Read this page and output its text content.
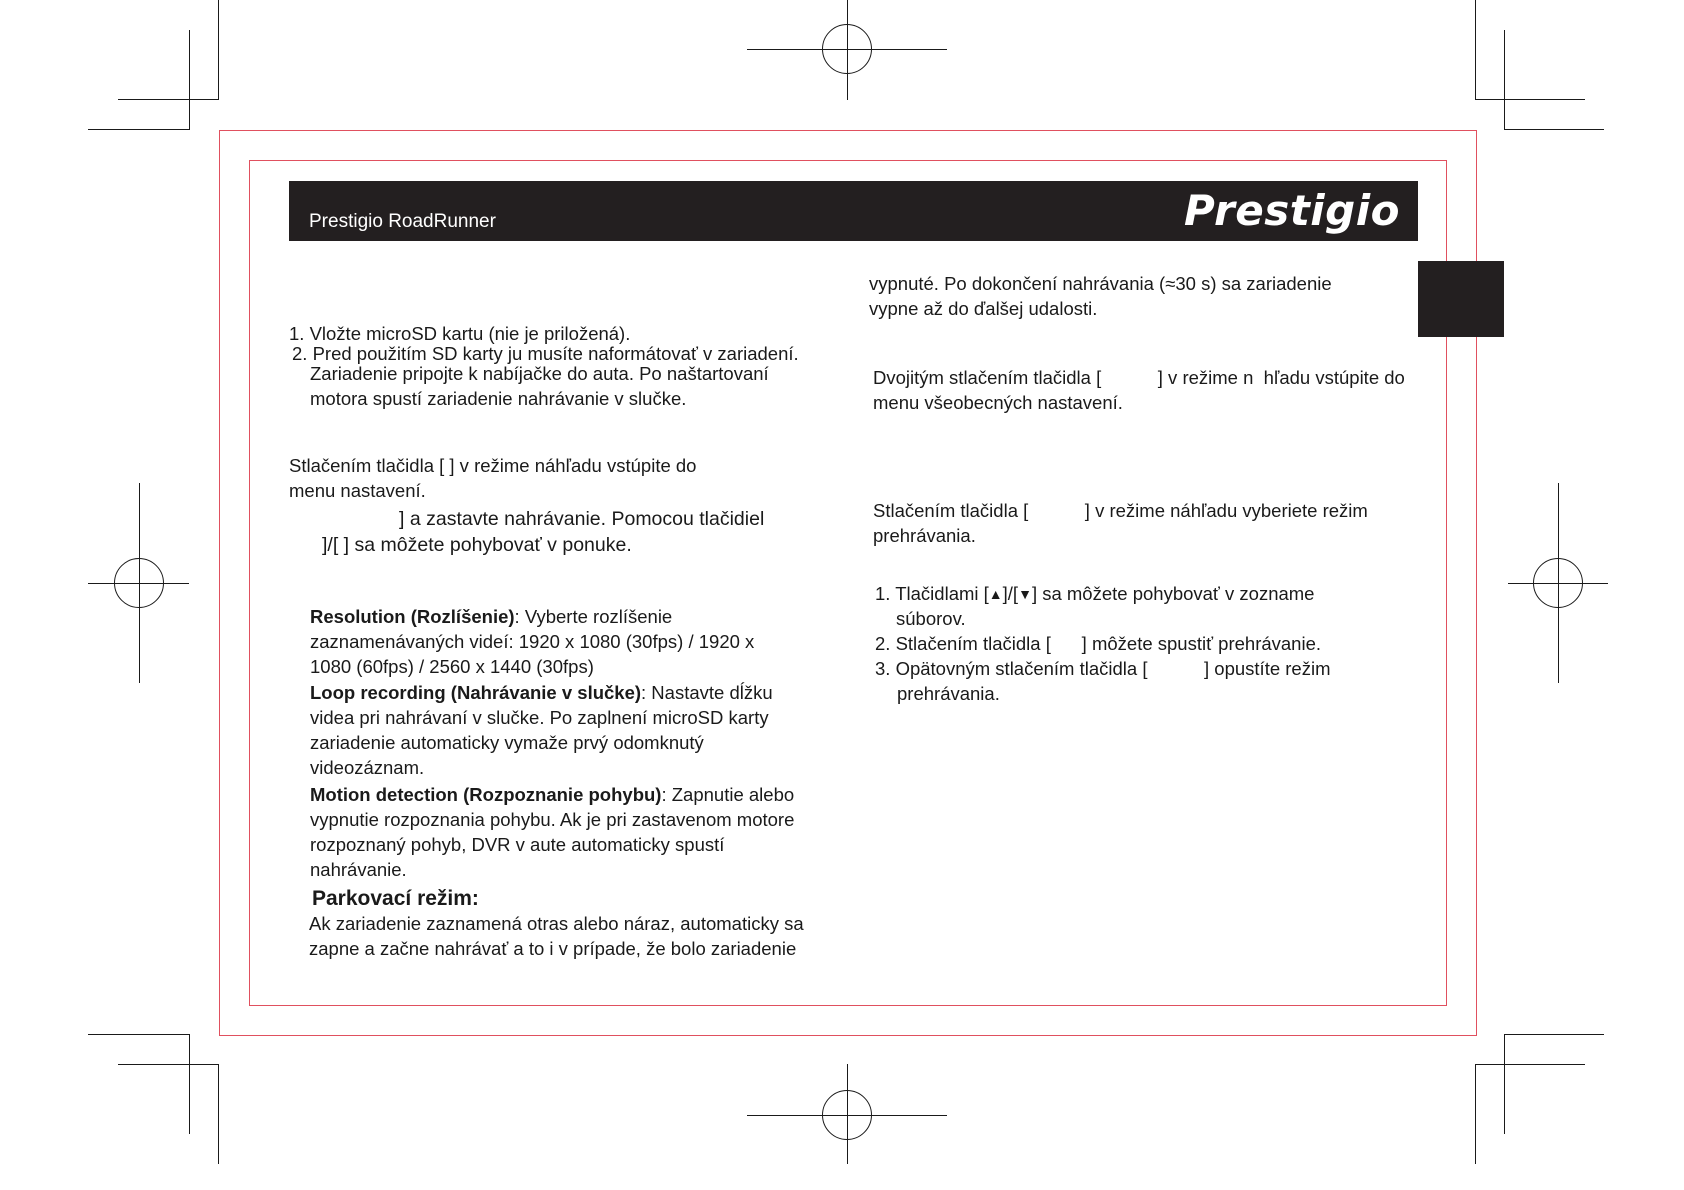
Prestigio RoadRunner	Prestigio
1. Vložte microSD kartu (nie je priložená).
2. Pred použitím SD karty ju musíte naformátovať v zariadení.
Zariadenie pripojte k nabíjačke do auta. Po naštartovaní
motora spustí zariadenie nahrávanie v slučke.
Stlačením tlačidla [ ] v režime náhľadu vstúpite do
menu nastavení.
] a zastavte nahrávanie. Pomocou tlačidiel
]/[ ] sa môžete pohybovať v ponuke.
Resolution (Rozlíšenie): Vyberte rozlíšenie zaznamenávaných videí: 1920 x 1080 (30fps) / 1920 x 1080 (60fps) / 2560 x 1440 (30fps)
Loop recording (Nahrávanie v slučke): Nastavte dĺžku videa pri nahrávaní v slučke. Po zaplnení microSD karty zariadenie automaticky vymaže prvý odomknutý videozáznam.
Motion detection (Rozpoznanie pohybu): Zapnutie alebo vypnutie rozpoznania pohybu. Ak je pri zastavenom motore rozpoznaný pohyb, DVR v aute automaticky spustí nahrávanie.
Parkovací režim:
Ak zariadenie zaznamená otras alebo náraz, automaticky sa zapne a začne nahrávať a to i v prípade, že bolo zariadenie
vypnuté. Po dokončení nahrávania (≈30 s) sa zariadenie vypne až do ďalšej udalosti.
Dvojitým stlačením tlačidla [           ] v režime n  hľadu vstúpite do menu všeobecných nastavení.
Stlačením tlačidla [           ] v režime náhľadu vyberiete režim prehrávania.
1. Tlačidlami [▲]/[▼] sa môžete pohybovať v zozname
súborov.
2. Stlačením tlačidla [      ] môžete spustiť prehrávanie.
3. Opätovným stlačením tlačidla [           ] opustíte režim
prehrávania.
